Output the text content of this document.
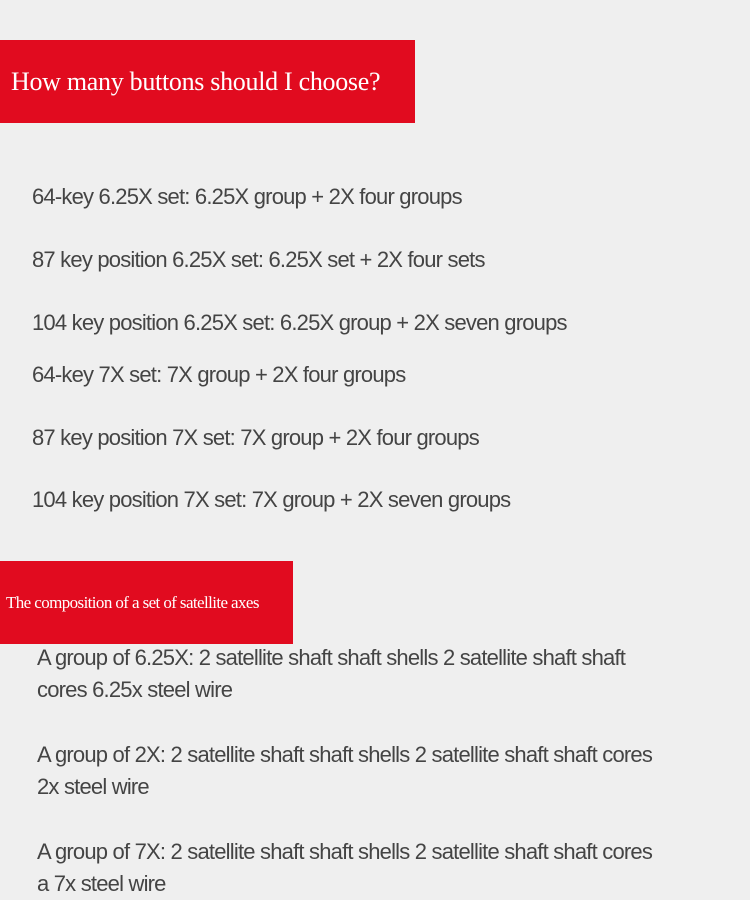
How many buttons should I choose?
64-key 6.25X set: 6.25X group + 2X four groups
87 key position 6.25X set: 6.25X set + 2X four sets
104 key position 6.25X set: 6.25X group + 2X seven groups
64-key 7X set: 7X group + 2X four groups
87 key position 7X set: 7X group + 2X four groups
104 key position 7X set: 7X group + 2X seven groups
The composition of a set of satellite axes

A group of 6.25X: 2 satellite shaft shaft shells 2 satellite shaft shaft cores 6.25x steel wire

A group of 2X: 2 satellite shaft shaft shells 2 satellite shaft shaft cores 2x steel wire

A group of 7X: 2 satellite shaft shaft shells 2 satellite shaft shaft cores a 7x steel wire
